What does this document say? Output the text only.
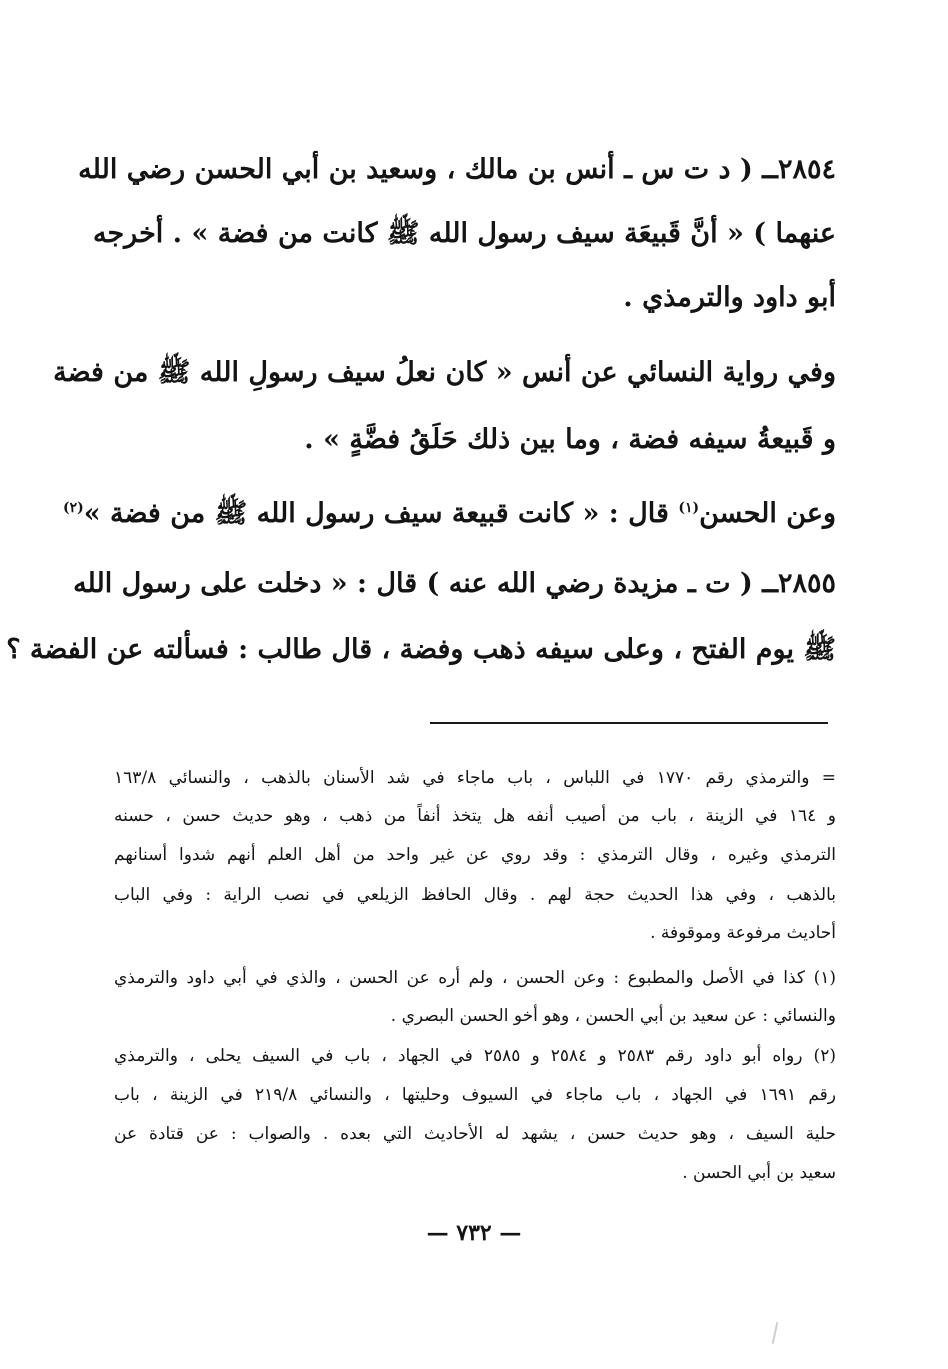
٢٨٥٤ــ ( د ت س ـ أنس بن مالك ، وسعيد بن أبي الحسن رضي الله
عنهما ) « أنَّ قَبيعَة سيف رسول الله ﷺ كانت من فضة » . أخرجه
أبو داود والترمذي .
وفي رواية النسائي عن أنس « كان نعلُ سيف رسولِ الله ﷺ من فضة
و قَبيعةُ سيفه فضة ، وما بين ذلك حَلَقُ فضَّةٍ » .
وعن الحسن$^{(١)}$ قال : « كانت قبيعة سيف رسول الله ﷺ من فضة »$^{(٢)}$
٢٨٥٥ــ ( ت ـ مزيدة رضي الله عنه ) قال : « دخلت على رسول الله
ﷺ يوم الفتح ، وعلى سيفه ذهب وفضة ، قال طالب : فسألته عن الفضة ؟
= والترمذي رقم ١٧٧٠ في اللباس ، باب ماجاء في شد الأسنان بالذهب ، والنسائي ١٦٣/٨
و ١٦٤ في الزينة ، باب من أصيب أنفه هل يتخذ أنفاً من ذهب ، وهو حديث حسن ، حسنه
الترمذي وغيره ، وقال الترمذي : وقد روي عن غير واحد من أهل العلم أنهم شدوا أسنانهم
بالذهب ، وفي هذا الحديث حجة لهم . وقال الحافظ الزيلعي في نصب الراية : وفي الباب
أحاديث مرفوعة وموقوفة .
(١) كذا في الأصل والمطبوع : وعن الحسن ، ولم أره عن الحسن ، والذي في أبي داود والترمذي
والنسائي : عن سعيد بن أبي الحسن ، وهو أخو الحسن البصري .
(٢) رواه أبو داود رقم ٢٥٨٣ و ٢٥٨٤ و ٢٥٨٥ في الجهاد ، باب في السيف يحلى ، والترمذي
رقم ١٦٩١ في الجهاد ، باب ماجاء في السيوف وحليتها ، والنسائي ٢١٩/٨ في الزينة ، باب
حلية السيف ، وهو حديث حسن ، يشهد له الأحاديث التي بعده . والصواب : عن قتادة عن
سعيد بن أبي الحسن .
— ٧٣٢ —
